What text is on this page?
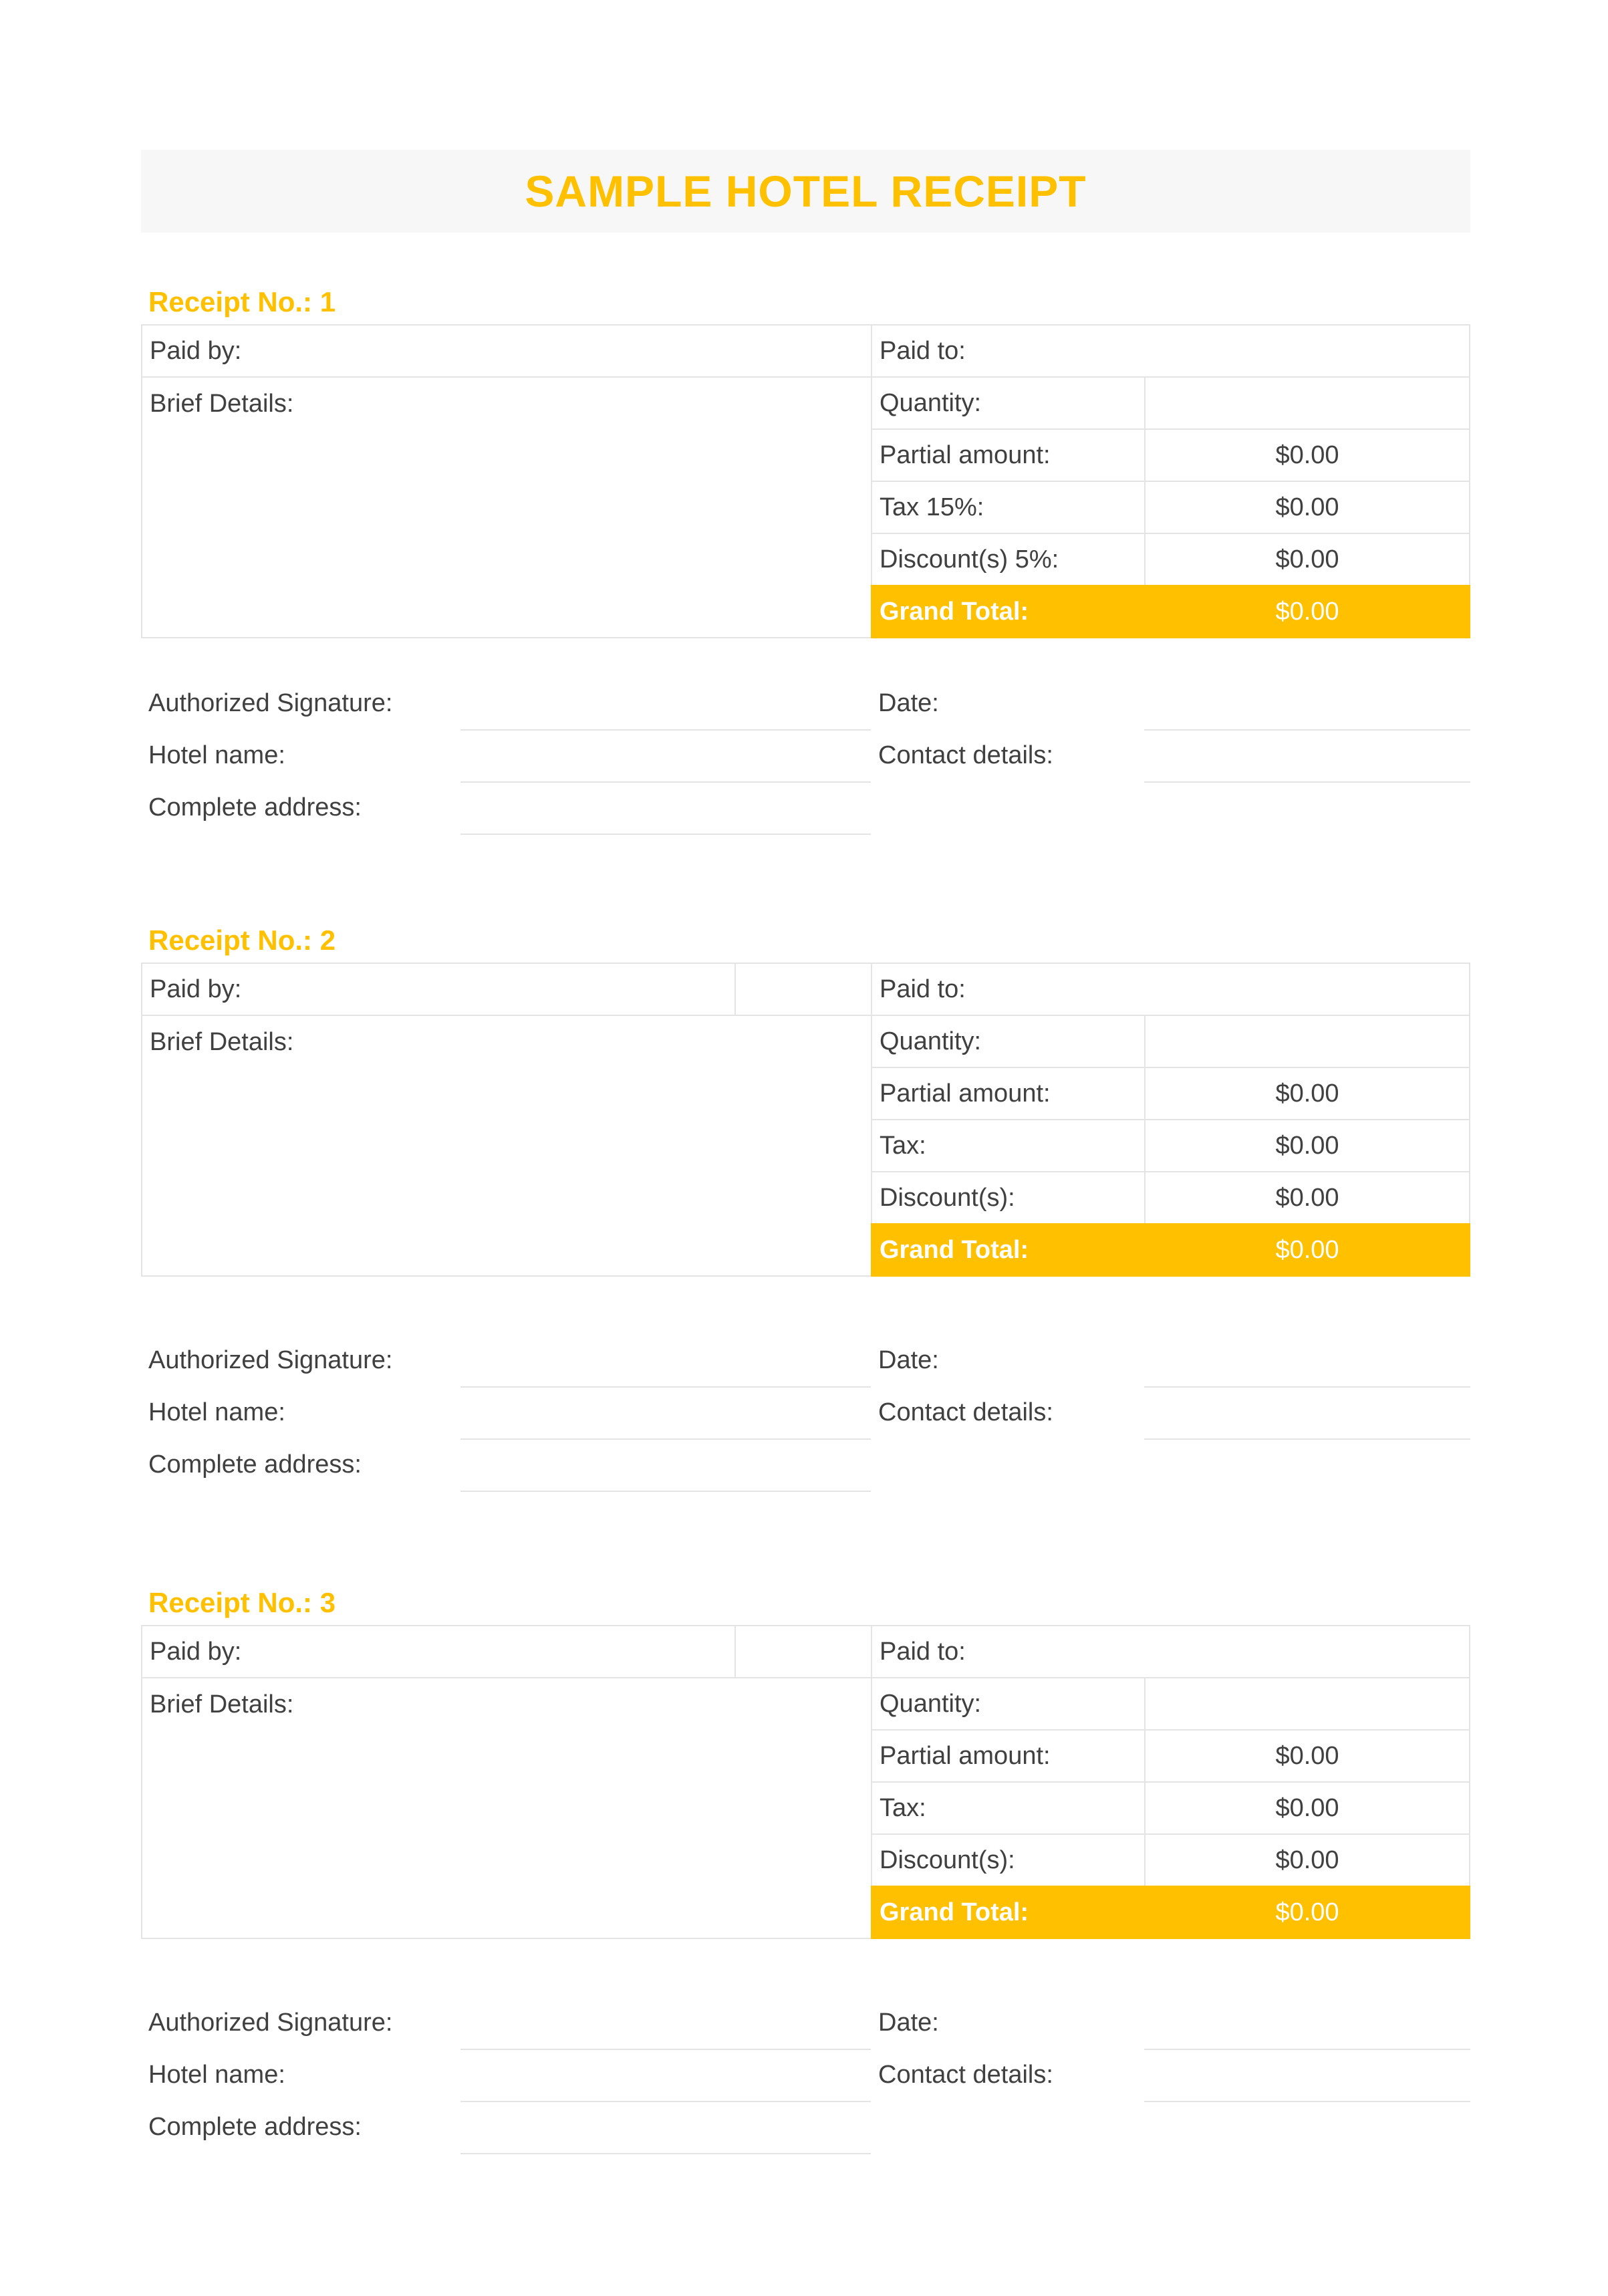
SAMPLE HOTEL RECEIPT
Receipt No.: 1
Paid by:	Paid to:
Brief Details:	Quantity:
Partial amount:	$0.00
Tax 15%:	$0.00
Discount(s) 5%:	$0.00
Grand Total:	$0.00
Authorized Signature:
Hotel name:
Complete address:
Date:
Contact details:
Receipt No.: 2
Paid by:	Paid to:
Brief Details:	Quantity:
Partial amount:	$0.00
Tax:	$0.00
Discount(s):	$0.00
Grand Total:	$0.00
Authorized Signature:
Hotel name:
Complete address:
Date:
Contact details:
Receipt No.: 3
Paid by:	Paid to:
Brief Details:	Quantity:
Partial amount:	$0.00
Tax:	$0.00
Discount(s):	$0.00
Grand Total:	$0.00
Authorized Signature:
Hotel name:
Complete address:
Date:
Contact details:
